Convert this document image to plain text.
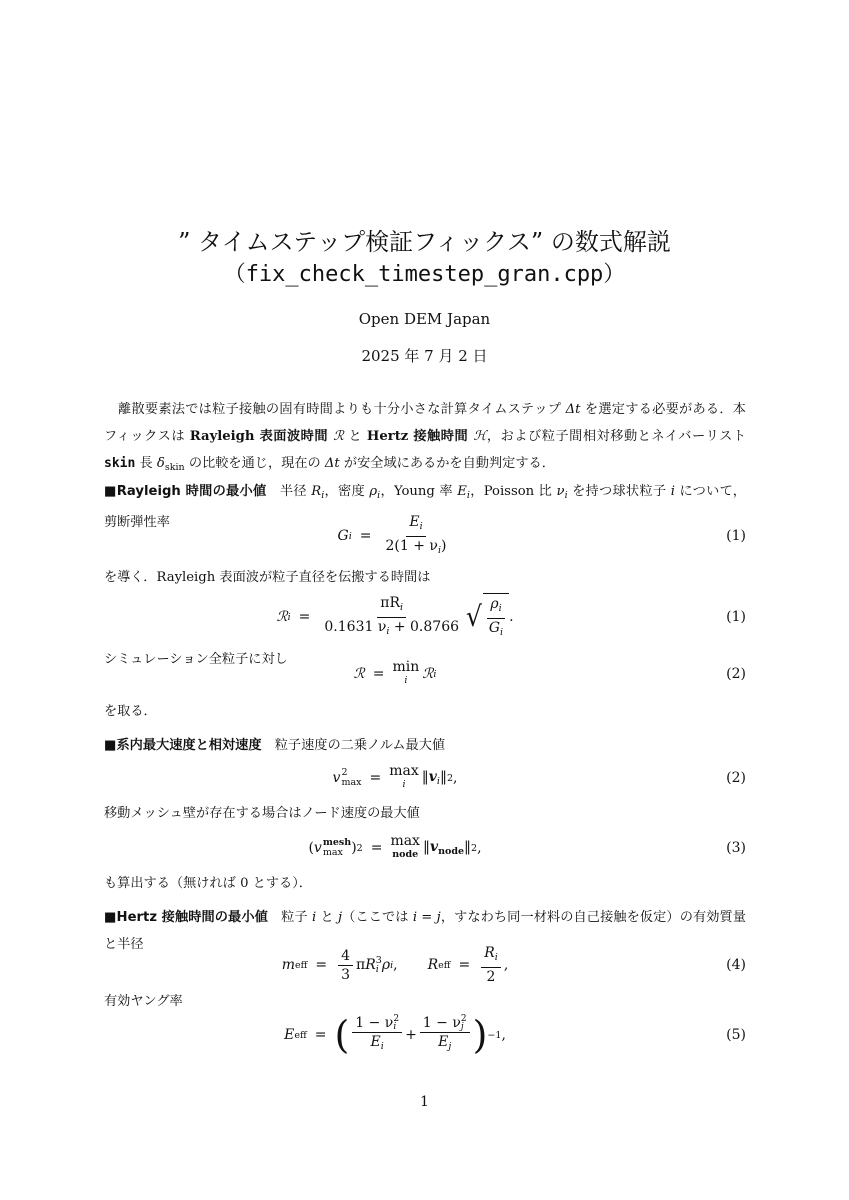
” タイムステップ検証フィックス” の数式解説
（fix_check_timestep_gran.cpp）
Open DEM Japan
2025 年 7 月 2 日
離散要素法では粒子接触の固有時間よりも十分小さな計算タイムステップ Δt を選定する必要がある．本フィックスは Rayleigh 表面波時間 ℛ と Hertz 接触時間 ℋ，および粒子間相対移動とネイバーリスト skin 長 $\delta_{skin}$ の比較を通じ，現在の Δt が安全域にあるかを自動判定する．
■Rayleigh 時間の最小値　半径 $R_i$，密度 $\rho_i$，Young 率 $E_i$，Poisson 比 $\nu_i$ を持つ球状粒子 i について，剪断弾性率
G $i = \frac{E_i}{2(1 + \nu_i)}$	(1)
を導く．Rayleigh 表面波が粒子直径を伝搬する時間は
ℛ $i = \frac{\pi R_i}{0.1631 \nu_i + 0.8766}$ √ $\frac{\rho_i}{G_i}$ .	(1)
シミュレーション全粒子に対し
ℛ = min
i ℛ i	(2)
を取る．
■系内最大速度と相対速度　粒子速度の二乗ノルム最大値
v 2
max = max
i $‖v_i‖$ 2 ,	(2)
移動メッシュ壁が存在する場合はノード速度の最大値
( v mesh
max ) 2 = max
node $‖v_{node}‖$ 2 ,	(3)
も算出する（無ければ 0 とする）．
■Hertz 接触時間の最小値　粒子 i と j（ここでは i = j，すなわち同一材料の自己接触を仮定）の有効質量と半径
m eff = $\frac{4}{3}$ π R 3
i ρ i , R eff = $\frac{R_i}{2}$ ,	(4)
有効ヤング率
E eff = ( 1 − ν 2
i
$E_i + 1 - \nu$ 2
j
$E_j$ ) −1 ,	(5)
1
